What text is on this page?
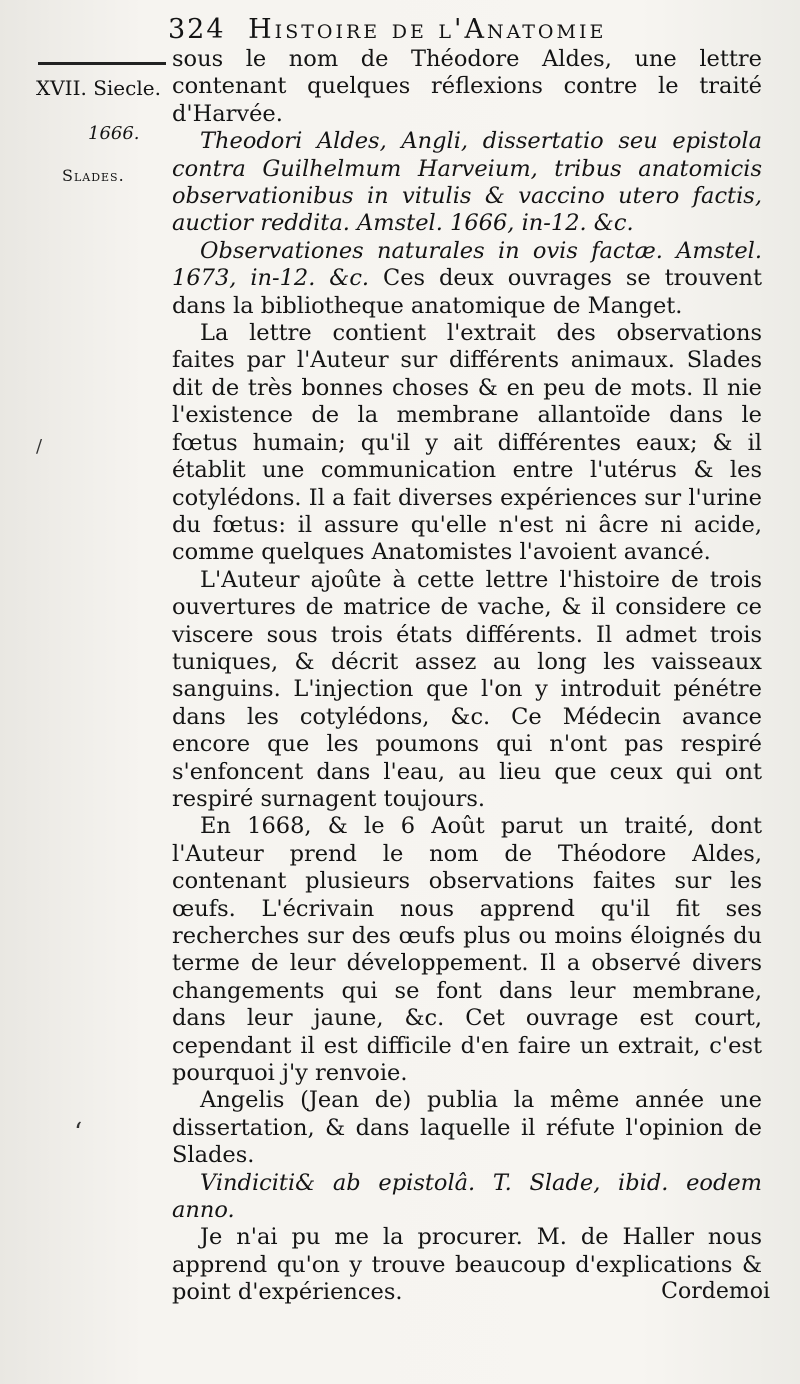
324 Histoire de l'Anatomie
XVII. Siecle.
1666.
Slades.

sous le nom de Théodore Aldes, une lettre contenant quelques réflexions contre le traité d'Harvée.

Theodori Aldes, Angli, dissertatio seu epistola contra Guilhelmum Harveium, tribus anatomicis observationibus in vitulis & vaccino utero factis, auctior reddita. Amstel. 1666, in-12. &c.

Observationes naturales in ovis factæ. Amstel. 1673, in-12. &c. Ces deux ouvrages se trouvent dans la bibliotheque anatomique de Manget.

La lettre contient l'extrait des observations faites par l'Auteur sur différents animaux. Slades dit de très bonnes choses & en peu de mots. Il nie l'existence de la membrane allantoïde dans le fœtus humain; qu'il y ait différentes eaux; & il établit une communication entre l'utérus & les cotylédons. Il a fait diverses expériences sur l'urine du fœtus: il assure qu'elle n'est ni âcre ni acide, comme quelques Anatomistes l'avoient avancé.

L'Auteur ajoûte à cette lettre l'histoire de trois ouvertures de matrice de vache, & il considere ce viscere sous trois états différents. Il admet trois tuniques, & décrit assez au long les vaisseaux sanguins. L'injection que l'on y introduit pénétre dans les cotylédons, &c. Ce Médecin avance encore que les poumons qui n'ont pas respiré s'enfoncent dans l'eau, au lieu que ceux qui ont respiré surnagent toujours.

En 1668, & le 6 Août parut un traité, dont l'Auteur prend le nom de Théodore Aldes, contenant plusieurs observations faites sur les œufs. L'écrivain nous apprend qu'il fit ses recherches sur des œufs plus ou moins éloignés du terme de leur développement. Il a observé divers changements qui se font dans leur membrane, dans leur jaune, &c. Cet ouvrage est court, cependant il est difficile d'en faire un extrait, c'est pourquoi j'y renvoie.

Angelis (Jean de) publia la même année une dissertation, & dans laquelle il réfute l'opinion de Slades.

Vindiciti& ab epistolâ. T. Slade, ibid. eodem anno.

Je n'ai pu me la procurer. M. de Haller nous apprend qu'on y trouve beaucoup d'explications & point d'expériences.	Cordemoi
‘
/
